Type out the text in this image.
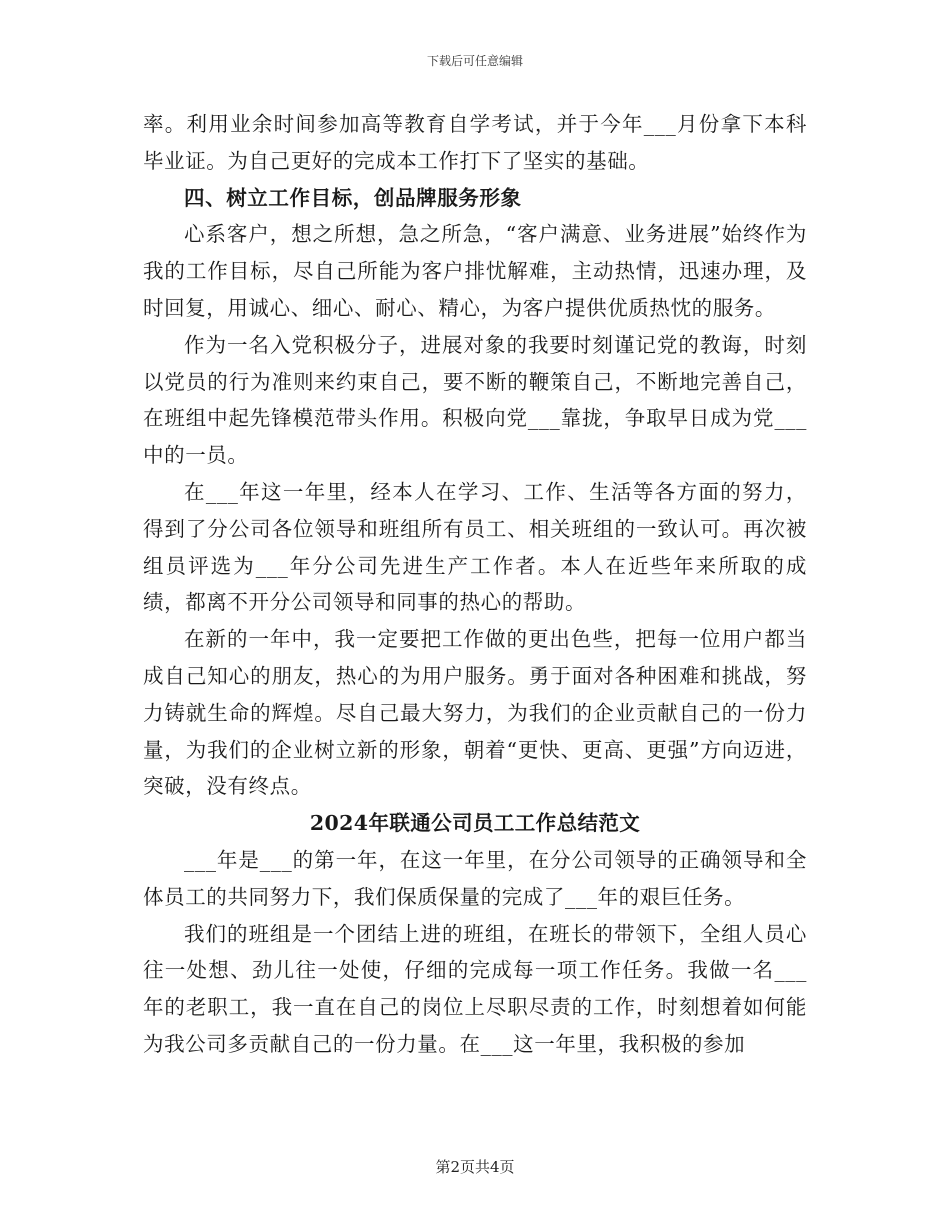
下载后可任意编辑

率。利用业余时间参加高等教育自学考试，并于今年___月份拿下本科毕业证。为自己更好的完成本工作打下了坚实的基础。

四、树立工作目标，创品牌服务形象

心系客户，想之所想，急之所急，“客户满意、业务进展”始终作为我的工作目标，尽自己所能为客户排忧解难，主动热情，迅速办理，及时回复，用诚心、细心、耐心、精心，为客户提供优质热忱的服务。

作为一名入党积极分子，进展对象的我要时刻谨记党的教诲，时刻以党员的行为准则来约束自己，要不断的鞭策自己，不断地完善自己，在班组中起先锋模范带头作用。积极向党___靠拢，争取早日成为党___中的一员。

在___年这一年里，经本人在学习、工作、生活等各方面的努力，得到了分公司各位领导和班组所有员工、相关班组的一致认可。再次被组员评选为___年分公司先进生产工作者。本人在近些年来所取的成绩，都离不开分公司领导和同事的热心的帮助。

在新的一年中，我一定要把工作做的更出色些，把每一位用户都当成自己知心的朋友，热心的为用户服务。勇于面对各种困难和挑战，努力铸就生命的辉煌。尽自己最大努力，为我们的企业贡献自己的一份力量，为我们的企业树立新的形象，朝着“更快、更高、更强”方向迈进，突破，没有终点。

2024年联通公司员工工作总结范文

___年是___的第一年，在这一年里，在分公司领导的正确领导和全体员工的共同努力下，我们保质保量的完成了___年的艰巨任务。

我们的班组是一个团结上进的班组，在班长的带领下，全组人员心往一处想、劲儿往一处使，仔细的完成每一项工作任务。我做一名___年的老职工，我一直在自己的岗位上尽职尽责的工作，时刻想着如何能为我公司多贡献自己的一份力量。在___这一年里，我积极的参加

第2页共4页
